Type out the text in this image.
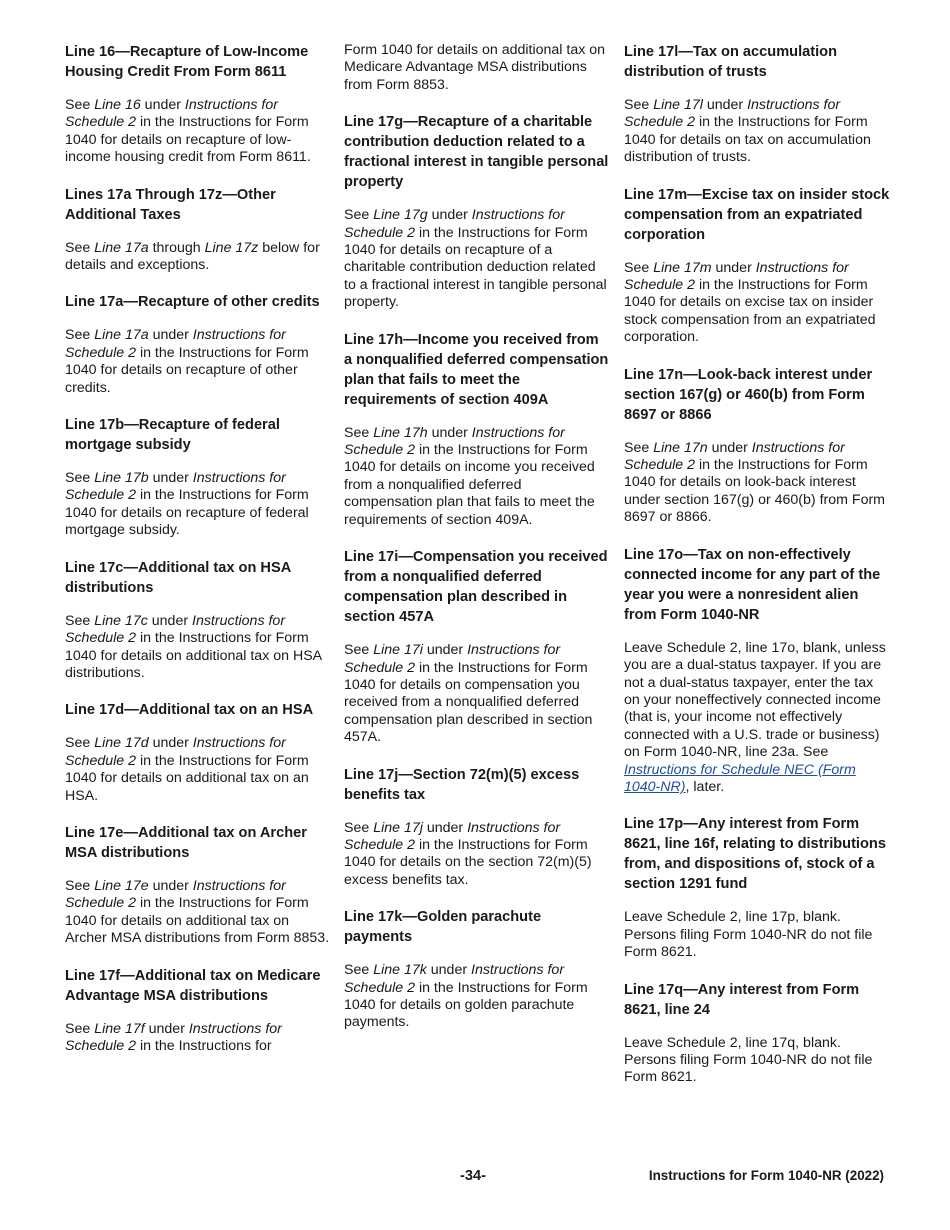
Line 16—Recapture of Low-Income Housing Credit From Form 8611

See Line 16 under Instructions for Schedule 2 in the Instructions for Form 1040 for details on recapture of low-income housing credit from Form 8611.

Lines 17a Through 17z—Other Additional Taxes

See Line 17a through Line 17z below for details and exceptions.

Line 17a—Recapture of other credits

See Line 17a under Instructions for Schedule 2 in the Instructions for Form 1040 for details on recapture of other credits.

Line 17b—Recapture of federal mortgage subsidy

See Line 17b under Instructions for Schedule 2 in the Instructions for Form 1040 for details on recapture of federal mortgage subsidy.

Line 17c—Additional tax on HSA distributions

See Line 17c under Instructions for Schedule 2 in the Instructions for Form 1040 for details on additional tax on HSA distributions.

Line 17d—Additional tax on an HSA

See Line 17d under Instructions for Schedule 2 in the Instructions for Form 1040 for details on additional tax on an HSA.

Line 17e—Additional tax on Archer MSA distributions

See Line 17e under Instructions for Schedule 2 in the Instructions for Form 1040 for details on additional tax on Archer MSA distributions from Form 8853.

Line 17f—Additional tax on Medicare Advantage MSA distributions

See Line 17f under Instructions for Schedule 2 in the Instructions for

Form 1040 for details on additional tax on Medicare Advantage MSA distributions from Form 8853.

Line 17g—Recapture of a charitable contribution deduction related to a fractional interest in tangible personal property

See Line 17g under Instructions for Schedule 2 in the Instructions for Form 1040 for details on recapture of a charitable contribution deduction related to a fractional interest in tangible personal property.

Line 17h—Income you received from a nonqualified deferred compensation plan that fails to meet the requirements of section 409A

See Line 17h under Instructions for Schedule 2 in the Instructions for Form 1040 for details on income you received from a nonqualified deferred compensation plan that fails to meet the requirements of section 409A.

Line 17i—Compensation you received from a nonqualified deferred compensation plan described in section 457A

See Line 17i under Instructions for Schedule 2 in the Instructions for Form 1040 for details on compensation you received from a nonqualified deferred compensation plan described in section 457A.

Line 17j—Section 72(m)(5) excess benefits tax

See Line 17j under Instructions for Schedule 2 in the Instructions for Form 1040 for details on the section 72(m)(5) excess benefits tax.

Line 17k—Golden parachute payments

See Line 17k under Instructions for Schedule 2 in the Instructions for Form 1040 for details on golden parachute payments.

Line 17l—Tax on accumulation distribution of trusts

See Line 17l under Instructions for Schedule 2 in the Instructions for Form 1040 for details on tax on accumulation distribution of trusts.

Line 17m—Excise tax on insider stock compensation from an expatriated corporation

See Line 17m under Instructions for Schedule 2 in the Instructions for Form 1040 for details on excise tax on insider stock compensation from an expatriated corporation.

Line 17n—Look-back interest under section 167(g) or 460(b) from Form 8697 or 8866

See Line 17n under Instructions for Schedule 2 in the Instructions for Form 1040 for details on look-back interest under section 167(g) or 460(b) from Form 8697 or 8866.

Line 17o—Tax on non-effectively connected income for any part of the year you were a nonresident alien from Form 1040-NR

Leave Schedule 2, line 17o, blank, unless you are a dual-status taxpayer. If you are not a dual-status taxpayer, enter the tax on your noneffectively connected income (that is, your income not effectively connected with a U.S. trade or business) on Form 1040-NR, line 23a. See Instructions for Schedule NEC (Form 1040-NR), later.

Line 17p—Any interest from Form 8621, line 16f, relating to distributions from, and dispositions of, stock of a section 1291 fund

Leave Schedule 2, line 17p, blank. Persons filing Form 1040-NR do not file Form 8621.

Line 17q—Any interest from Form 8621, line 24

Leave Schedule 2, line 17q, blank. Persons filing Form 1040-NR do not file Form 8621.

-34-	Instructions for Form 1040-NR (2022)
